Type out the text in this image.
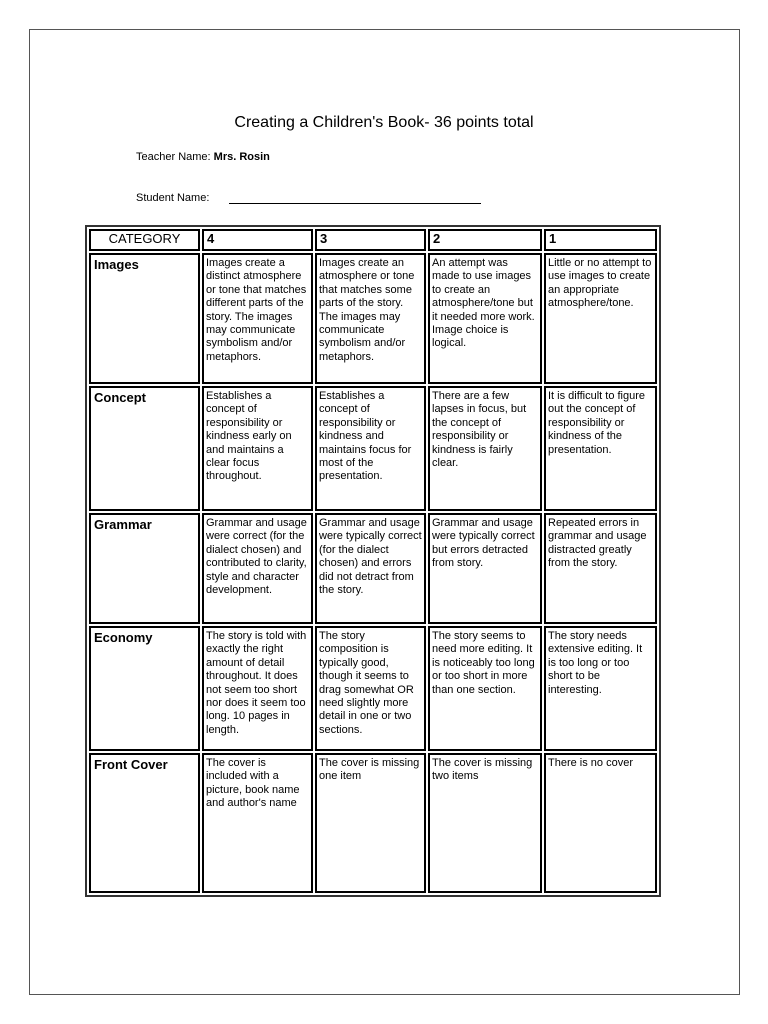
Creating a Children's Book- 36 points total
Teacher Name: Mrs. Rosin
Student Name:
CATEGORY	4	3	2	1
Images	Images create a distinct atmosphere or tone that matches different parts of the story. The images may communicate symbolism and/or metaphors.	Images create an atmosphere or tone that matches some parts of the story. The images may communicate symbolism and/or metaphors.	An attempt was made to use images to create an atmosphere/tone but it needed more work. Image choice is logical.	Little or no attempt to use images to create an appropriate atmosphere/tone.
Concept	Establishes a concept of responsibility or kindness early on and maintains a clear focus throughout.	Establishes a concept of responsibility or kindness and maintains focus for most of the presentation.	There are a few lapses in focus, but the concept of responsibility or kindness is fairly clear.	It is difficult to figure out the concept of responsibility or kindness of the presentation.
Grammar	Grammar and usage were correct (for the dialect chosen) and contributed to clarity, style and character development.	Grammar and usage were typically correct (for the dialect chosen) and errors did not detract from the story.	Grammar and usage were typically correct but errors detracted from story.	Repeated errors in grammar and usage distracted greatly from the story.
Economy	The story is told with exactly the right amount of detail throughout. It does not seem too short nor does it seem too long. 10 pages in length.	The story composition is typically good, though it seems to drag somewhat OR need slightly more detail in one or two sections.	The story seems to need more editing. It is noticeably too long or too short in more than one section.	The story needs extensive editing. It is too long or too short to be interesting.
Front Cover	The cover is included with a picture, book name and author's name	The cover is missing one item	The cover is missing two items	There is no cover
